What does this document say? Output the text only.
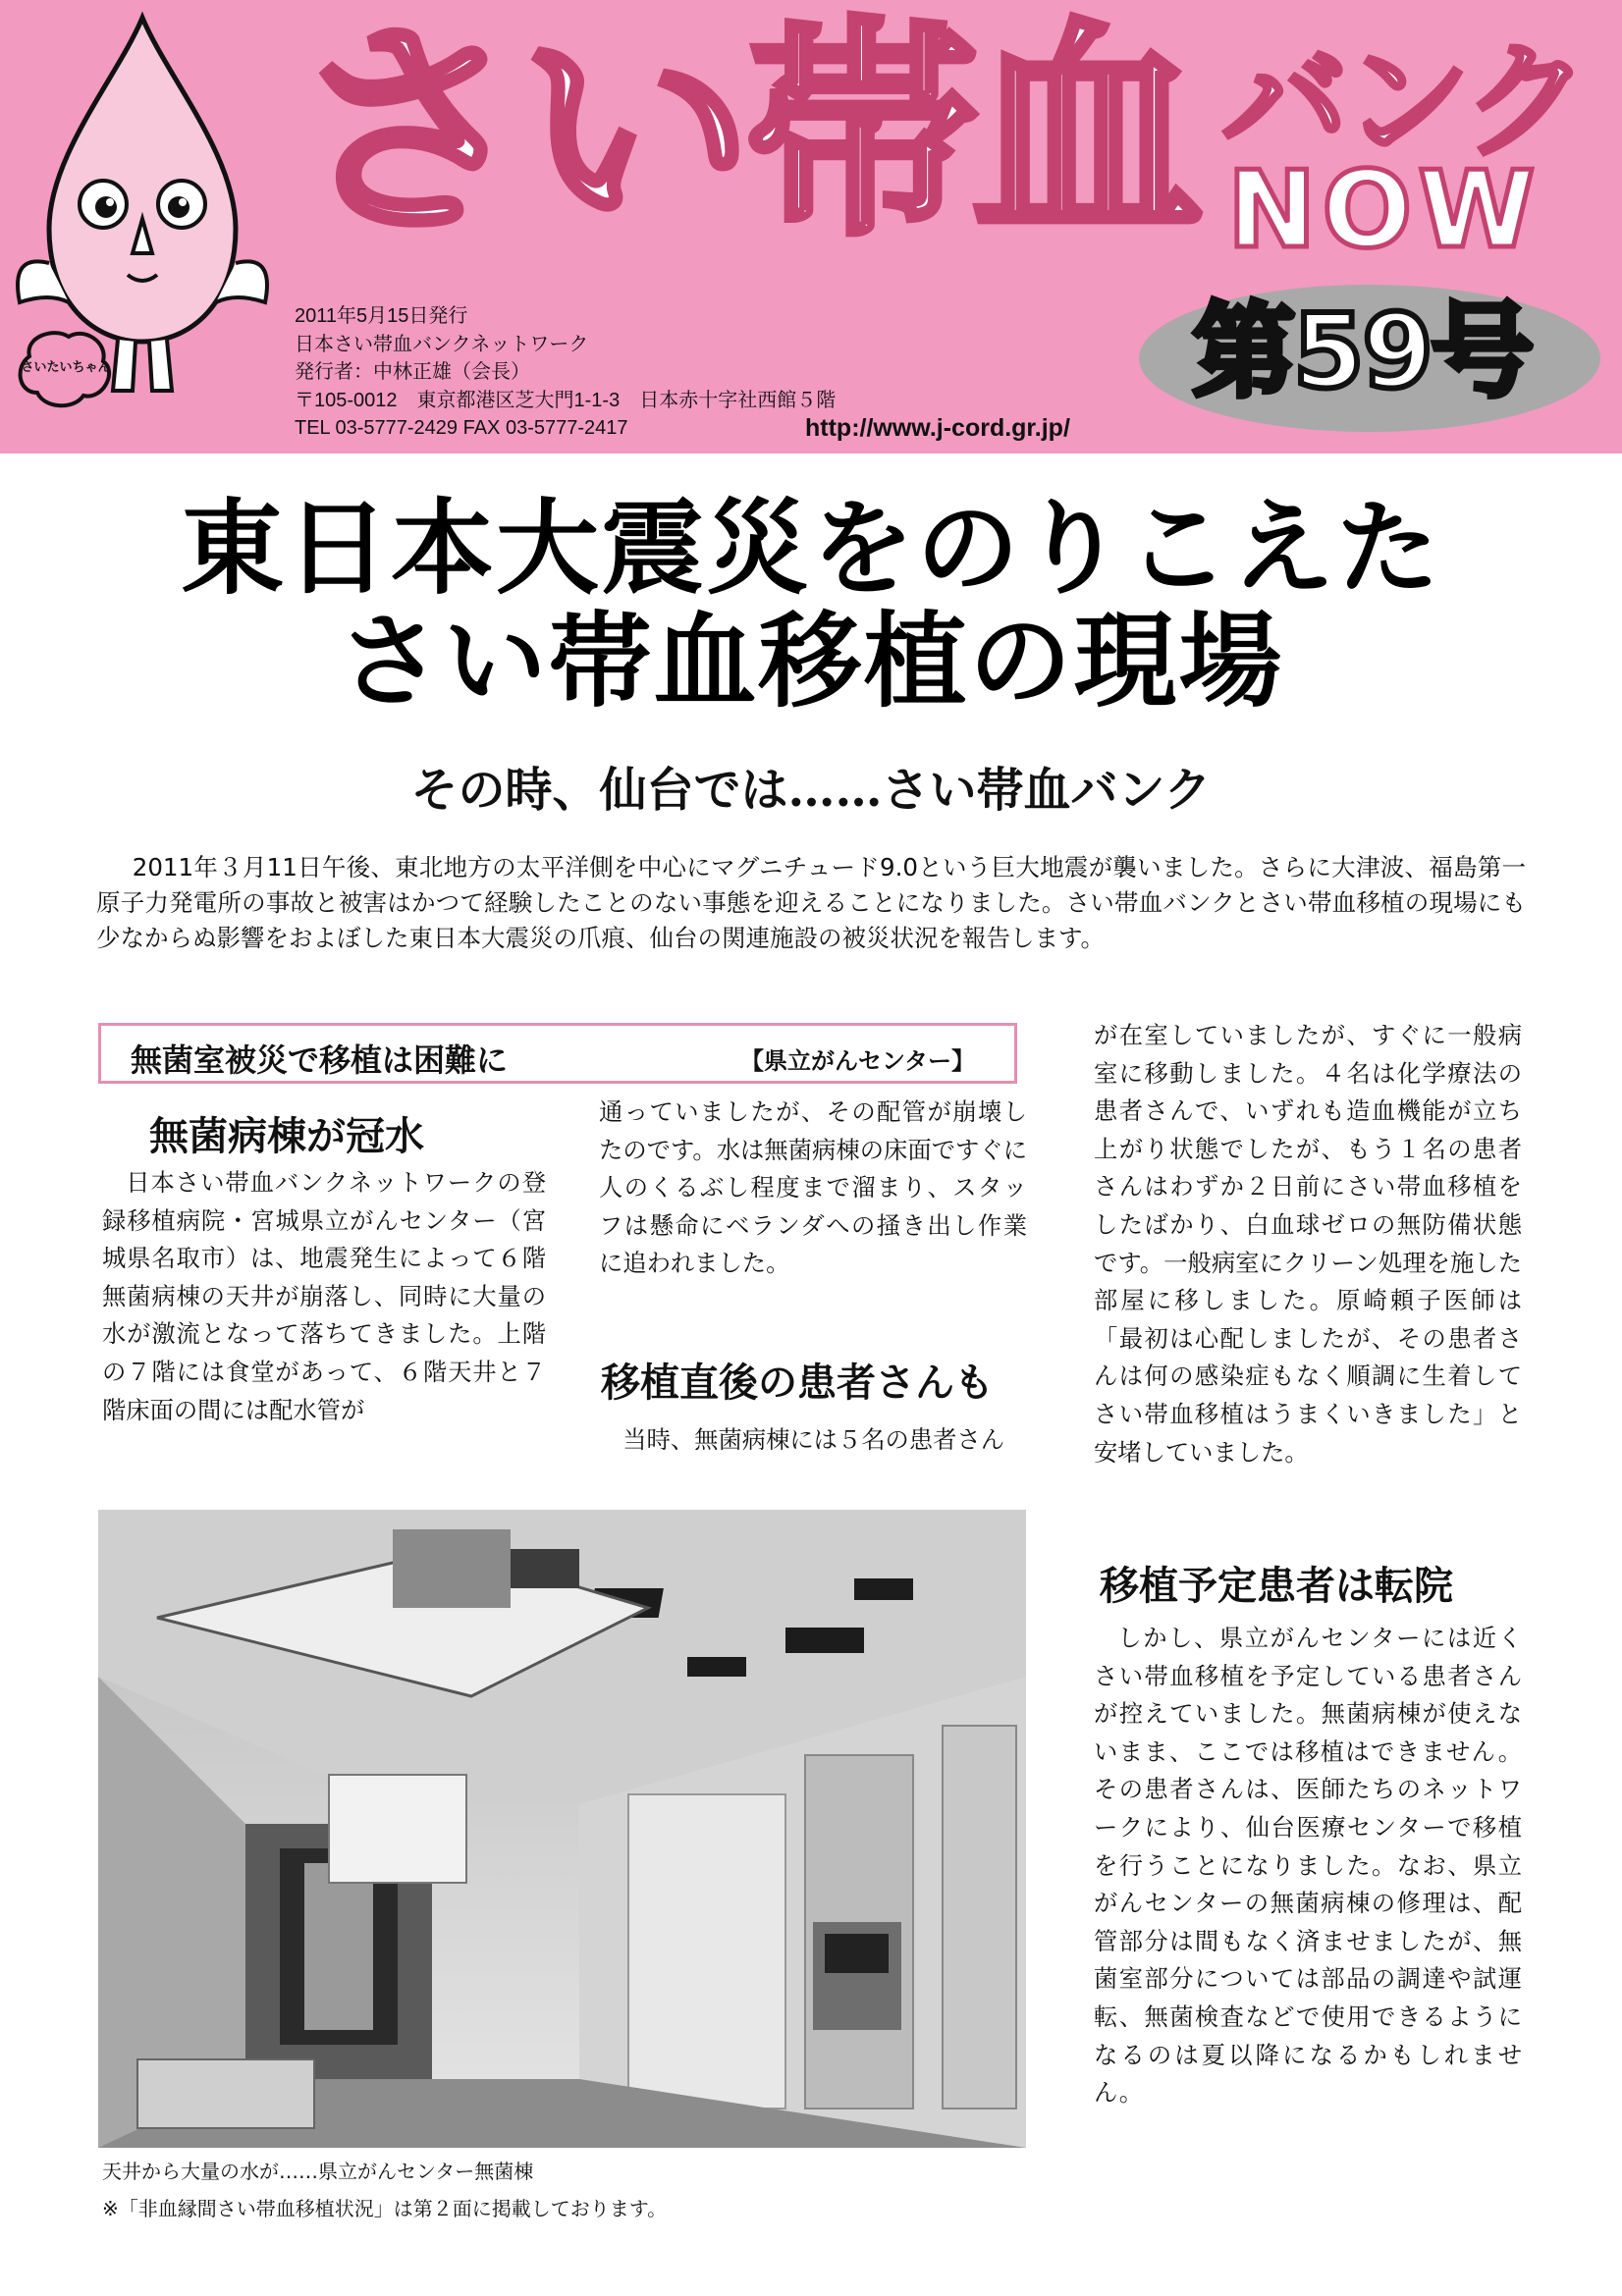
さいたいちゃん
さい帯血 バンク
NOW
第59号
2011年5月15日発行
日本さい帯血バンクネットワーク
発行者：中林正雄（会長）
〒105-0012　東京都港区芝大門1-1-3　日本赤十字社西館５階
TEL 03-5777-2429 FAX 03-5777-2417	http://www.j-cord.gr.jp/
東日本大震災をのりこえた
さい帯血移植の現場
その時、仙台では……さい帯血バンク
2011年３月11日午後、東北地方の太平洋側を中心にマグニチュード9.0という巨大地震が襲いました。さらに大津波、福島第一原子力発電所の事故と被害はかつて経験したことのない事態を迎えることになりました。さい帯血バンクとさい帯血移植の現場にも少なからぬ影響をおよぼした東日本大震災の爪痕、仙台の関連施設の被災状況を報告します。
無菌室被災で移植は困難に	【県立がんセンター】
無菌病棟が冠水
日本さい帯血バンクネットワークの登録移植病院・宮城県立がんセンター（宮城県名取市）は、地震発生によって６階無菌病棟の天井が崩落し、同時に大量の水が激流となって落ちてきました。上階の７階には食堂があって、６階天井と７階床面の間には配水管が
通っていましたが、その配管が崩壊したのです。水は無菌病棟の床面ですぐに人のくるぶし程度まで溜まり、スタッフは懸命にベランダへの掻き出し作業に追われました。
移植直後の患者さんも
当時、無菌病棟には５名の患者さん
が在室していましたが、すぐに一般病室に移動しました。４名は化学療法の患者さんで、いずれも造血機能が立ち上がり状態でしたが、もう１名の患者さんはわずか２日前にさい帯血移植をしたばかり、白血球ゼロの無防備状態です。一般病室にクリーン処理を施した部屋に移しました。原崎頼子医師は「最初は心配しましたが、その患者さんは何の感染症もなく順調に生着してさい帯血移植はうまくいきました」と安堵していました。
移植予定患者は転院
しかし、県立がんセンターには近くさい帯血移植を予定している患者さんが控えていました。無菌病棟が使えないまま、ここでは移植はできません。その患者さんは、医師たちのネットワークにより、仙台医療センターで移植を行うことになりました。なお、県立がんセンターの無菌病棟の修理は、配管部分は間もなく済ませましたが、無菌室部分については部品の調達や試運転、無菌検査などで使用できるようになるのは夏以降になるかもしれません。
天井から大量の水が……県立がんセンター無菌棟
※「非血縁間さい帯血移植状況」は第２面に掲載しております。
